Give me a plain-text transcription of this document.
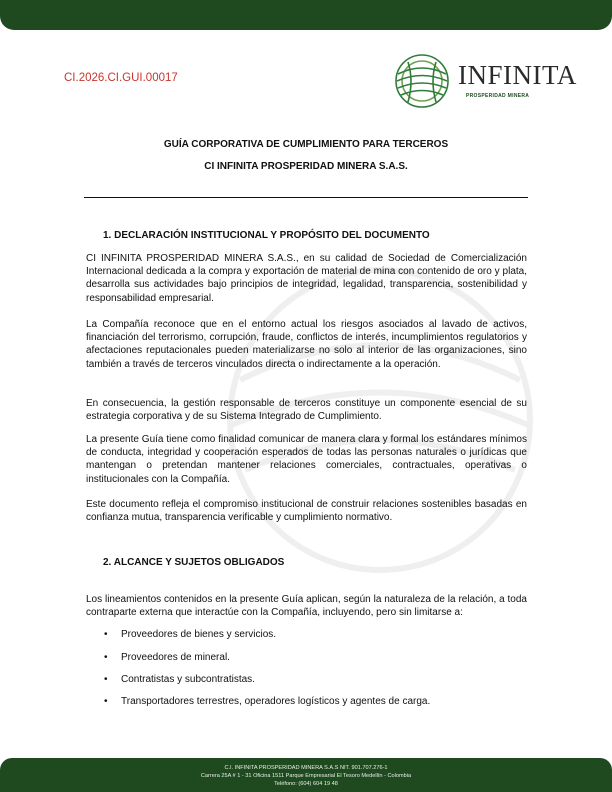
CI.2026.CI.GUI.00017	INFINITA
PROSPERIDAD MINERA
GUÍA CORPORATIVA DE CUMPLIMIENTO PARA TERCEROS
CI INFINITA PROSPERIDAD MINERA S.A.S.
1. DECLARACIÓN INSTITUCIONAL Y PROPÓSITO DEL DOCUMENTO

CI INFINITA PROSPERIDAD MINERA S.A.S., en su calidad de Sociedad de Comercialización Internacional dedicada a la compra y exportación de material de mina con contenido de oro y plata, desarrolla sus actividades bajo principios de integridad, legalidad, transparencia, sostenibilidad y responsabilidad empresarial.

La Compañía reconoce que en el entorno actual los riesgos asociados al lavado de activos, financiación del terrorismo, corrupción, fraude, conflictos de interés, incumplimientos regulatorios y afectaciones reputacionales pueden materializarse no solo al interior de las organizaciones, sino también a través de terceros vinculados directa o indirectamente a la operación.

En consecuencia, la gestión responsable de terceros constituye un componente esencial de su estrategia corporativa y de su Sistema Integrado de Cumplimiento.

La presente Guía tiene como finalidad comunicar de manera clara y formal los estándares mínimos de conducta, integridad y cooperación esperados de todas las personas naturales o jurídicas que mantengan o pretendan mantener relaciones comerciales, contractuales, operativas o institucionales con la Compañía.

Este documento refleja el compromiso institucional de construir relaciones sostenibles basadas en confianza mutua, transparencia verificable y cumplimiento normativo.

2. ALCANCE Y SUJETOS OBLIGADOS

Los lineamientos contenidos en la presente Guía aplican, según la naturaleza de la relación, a toda contraparte externa que interactúe con la Compañía, incluyendo, pero sin limitarse a:

• Proveedores de bienes y servicios.
• Proveedores de mineral.
• Contratistas y subcontratistas.
• Transportadores terrestres, operadores logísticos y agentes de carga.
C.I. INFINITA PROSPERIDAD MINERA S.A.S NIT. 901.707.276-1
Carrera 25A # 1 - 31 Oficina 1511 Parque Empresarial El Tesoro Medellín - Colombia
Teléfono: (604) 604 19 48
